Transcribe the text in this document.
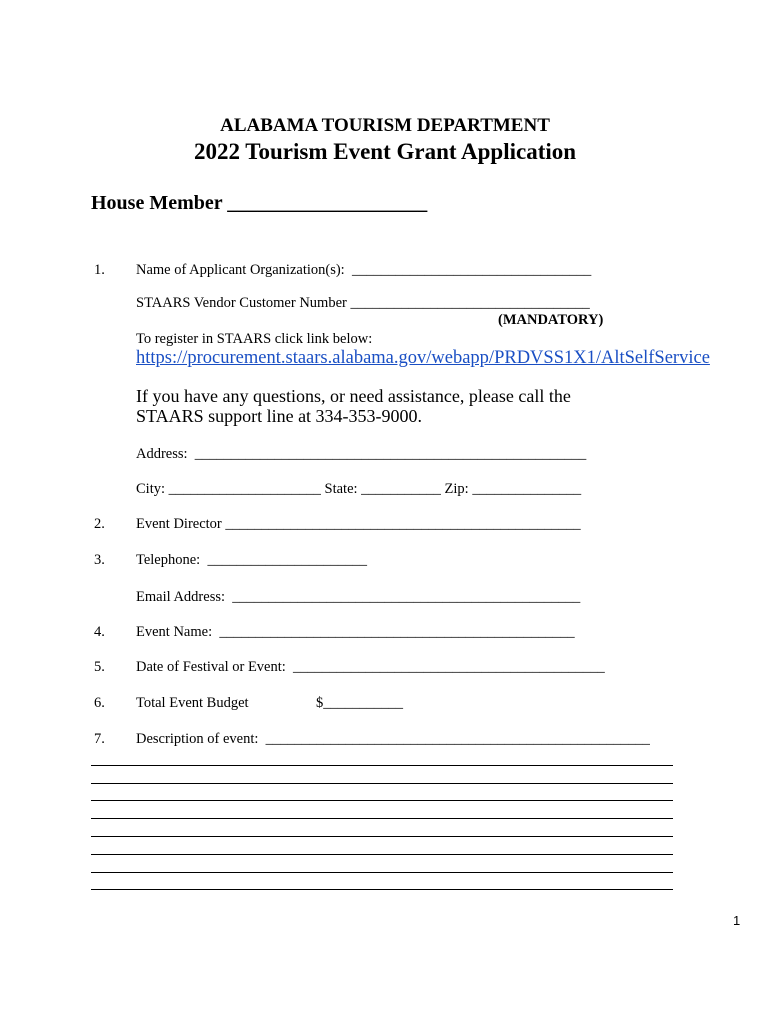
ALABAMA TOURISM DEPARTMENT
2022 Tourism Event Grant Application
House Member ____________________
1. Name of Applicant Organization(s):  _________________________________
STAARS Vendor Customer Number _________________________________
(MANDATORY)
To register in STAARS click link below:
https://procurement.staars.alabama.gov/webapp/PRDVSS1X1/AltSelfService
If you have any questions, or need assistance, please call the
STAARS support line at 334-353-9000.
Address:  ______________________________________________________
City: _____________________ State: ___________ Zip: _______________
2. Event Director _________________________________________________
3. Telephone:  ______________________
Email Address:  ________________________________________________
4. Event Name:  _________________________________________________
5. Date of Festival or Event:  ___________________________________________
6. Total Event Budget	$___________
7. Description of event:  _____________________________________________________
1
